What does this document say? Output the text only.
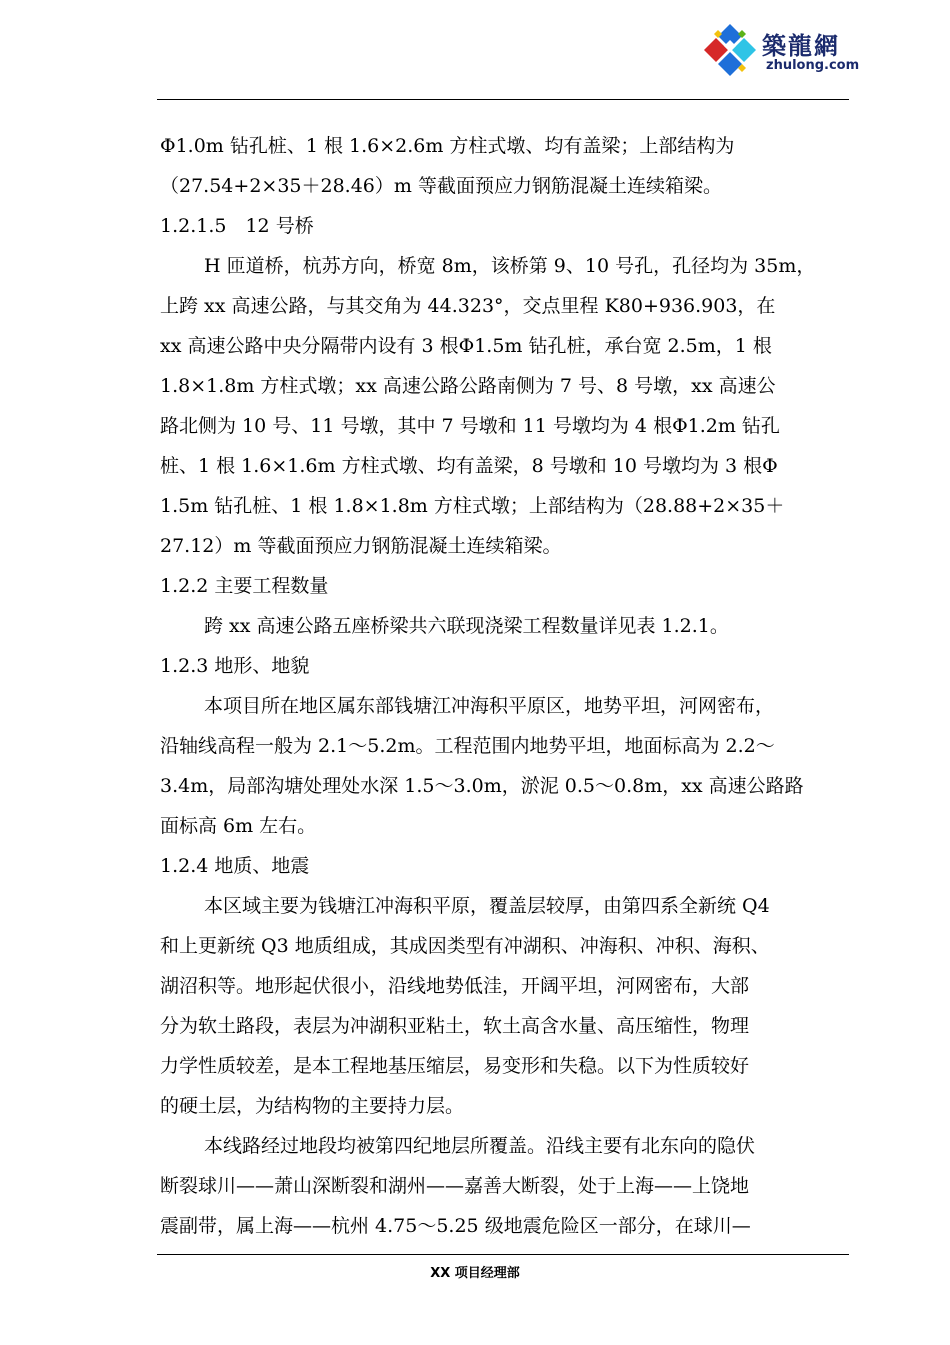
築龍網
zhulong.com
Φ1.0m 钻孔桩、1 根 1.6×2.6m 方柱式墩、均有盖梁；上部结构为
（27.54+2×35＋28.46）m 等截面预应力钢筋混凝土连续箱梁。
1.2.1.5　12 号桥
H 匝道桥，杭苏方向，桥宽 8m，该桥第 9、10 号孔，孔径均为 35m，
上跨 xx 高速公路，与其交角为 44.323°，交点里程 K80+936.903，在
xx 高速公路中央分隔带内设有 3 根Φ1.5m 钻孔桩，承台宽 2.5m，1 根
1.8×1.8m 方柱式墩；xx 高速公路公路南侧为 7 号、8 号墩，xx 高速公
路北侧为 10 号、11 号墩，其中 7 号墩和 11 号墩均为 4 根Φ1.2m 钻孔
桩、1 根 1.6×1.6m 方柱式墩、均有盖梁，8 号墩和 10 号墩均为 3 根Φ
1.5m 钻孔桩、1 根 1.8×1.8m 方柱式墩；上部结构为（28.88+2×35＋
27.12）m 等截面预应力钢筋混凝土连续箱梁。
1.2.2 主要工程数量
跨 xx 高速公路五座桥梁共六联现浇梁工程数量详见表 1.2.1。
1.2.3 地形、地貌
本项目所在地区属东部钱塘江冲海积平原区，地势平坦，河网密布，
沿轴线高程一般为 2.1～5.2m。工程范围内地势平坦，地面标高为 2.2～
3.4m，局部沟塘处理处水深 1.5～3.0m，淤泥 0.5～0.8m，xx 高速公路路
面标高 6m 左右。
1.2.4 地质、地震
本区域主要为钱塘江冲海积平原，覆盖层较厚，由第四系全新统 Q4
和上更新统 Q3 地质组成，其成因类型有冲湖积、冲海积、冲积、海积、
湖沼积等。地形起伏很小，沿线地势低洼，开阔平坦，河网密布，大部
分为软土路段，表层为冲湖积亚粘土，软土高含水量、高压缩性，物理
力学性质较差，是本工程地基压缩层，易变形和失稳。以下为性质较好
的硬土层，为结构物的主要持力层。
本线路经过地段均被第四纪地层所覆盖。沿线主要有北东向的隐伏
断裂球川——萧山深断裂和湖州——嘉善大断裂，处于上海——上饶地
震副带，属上海——杭州 4.75～5.25 级地震危险区一部分，在球川—
XX 项目经理部
